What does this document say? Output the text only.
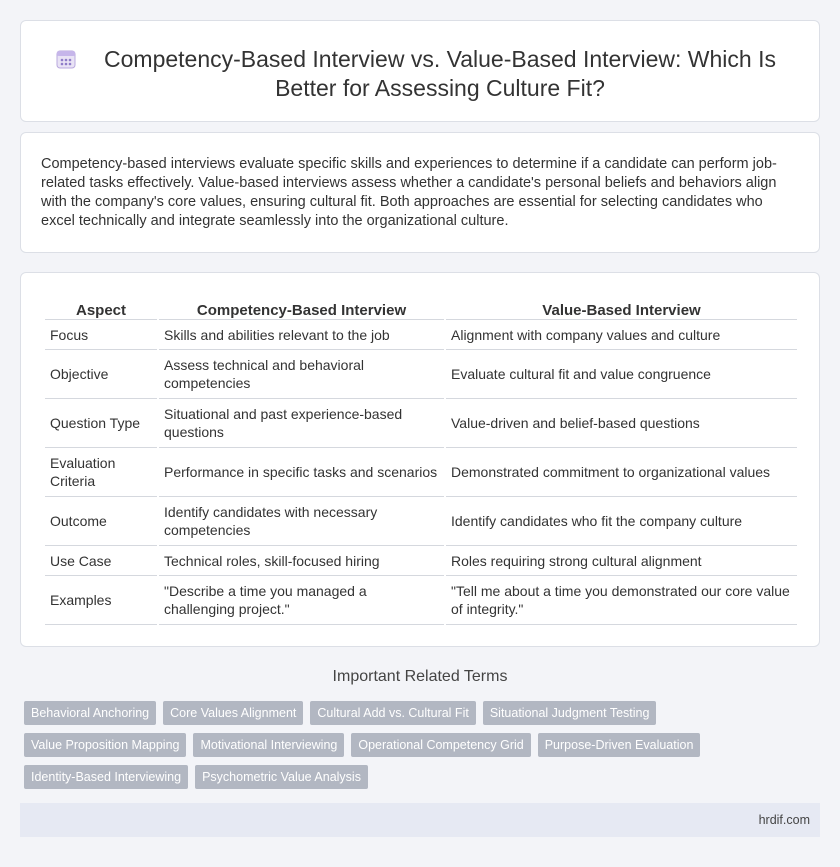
Competency-Based Interview vs. Value-Based Interview: Which Is Better for Assessing Culture Fit?

Competency-based interviews evaluate specific skills and experiences to determine if a candidate can perform job-related tasks effectively. Value-based interviews assess whether a candidate's personal beliefs and behaviors align with the company's core values, ensuring cultural fit. Both approaches are essential for selecting candidates who excel technically and integrate seamlessly into the organizational culture.

Aspect	Competency-Based Interview	Value-Based Interview
Focus	Skills and abilities relevant to the job	Alignment with company values and culture
Objective	Assess technical and behavioral competencies	Evaluate cultural fit and value congruence
Question Type	Situational and past experience-based questions	Value-driven and belief-based questions
Evaluation Criteria	Performance in specific tasks and scenarios	Demonstrated commitment to organizational values
Outcome	Identify candidates with necessary competencies	Identify candidates who fit the company culture
Use Case	Technical roles, skill-focused hiring	Roles requiring strong cultural alignment
Examples	"Describe a time you managed a challenging project."	"Tell me about a time you demonstrated our core value of integrity."
Important Related Terms
Behavioral Anchoring	Core Values Alignment	Cultural Add vs. Cultural Fit	Situational Judgment Testing
Value Proposition Mapping	Motivational Interviewing	Operational Competency Grid	Purpose-Driven Evaluation
Identity-Based Interviewing	Psychometric Value Analysis
hrdif.com
